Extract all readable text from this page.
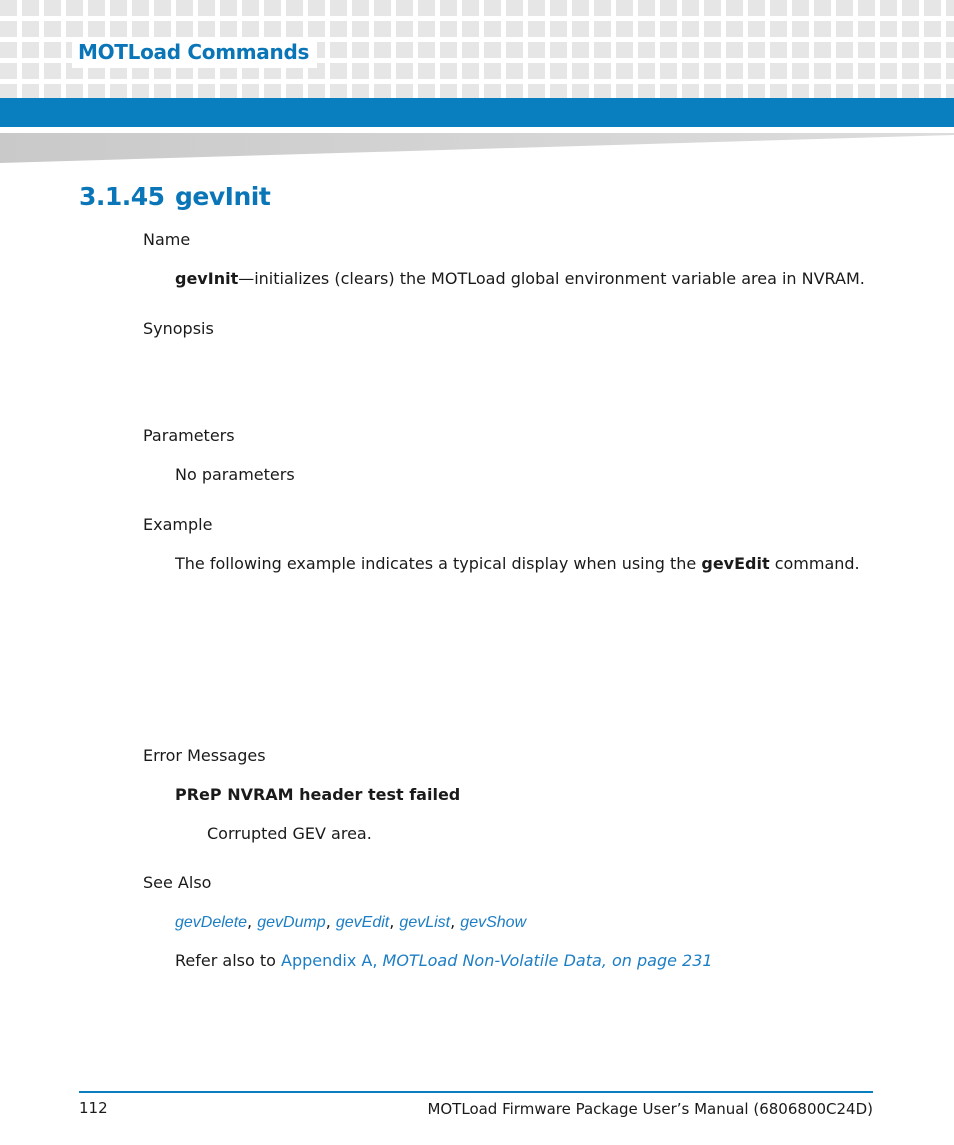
MOTLoad Commands
3.1.45 gevInit
Name
gevInit—initializes (clears) the MOTLoad global environment variable area in NVRAM.
Synopsis
Parameters
No parameters
Example
The following example indicates a typical display when using the gevEdit command.
Error Messages
PReP NVRAM header test failed
Corrupted GEV area.
See Also
gevDelete, gevDump, gevEdit, gevList, gevShow
Refer also to Appendix A, MOTLoad Non-Volatile Data, on page 231
112	MOTLoad Firmware Package User’s Manual (6806800C24D)
